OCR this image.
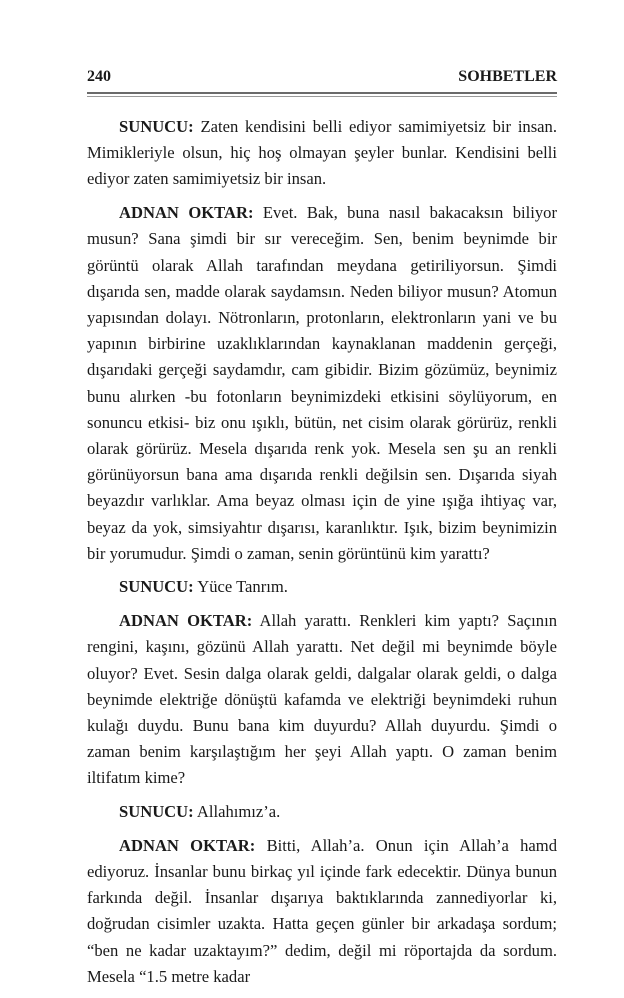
240	SOHBETLER

SUNUCU: Zaten kendisini belli ediyor samimiyetsiz bir insan. Mimikleriyle olsun, hiç hoş olmayan şeyler bunlar. Kendisini belli ediyor zaten samimiyetsiz bir insan.

ADNAN OKTAR: Evet. Bak, buna nasıl bakacaksın biliyor musun? Sana şimdi bir sır vereceğim. Sen, benim beynimde bir görüntü olarak Allah tarafından meydana getiriliyorsun. Şimdi dışarıda sen, madde olarak saydamsın. Neden biliyor musun? Atomun yapısından dolayı. Nötronların, protonların, elektronların yani ve bu yapının birbirine uzaklıklarından kaynaklanan maddenin gerçeği, dışarıdaki gerçeği saydamdır, cam gibidir. Bizim gözümüz, beynimiz bunu alırken -bu fotonların beynimizdeki etkisini söylüyorum, en sonuncu etkisi- biz onu ışıklı, bütün, net cisim olarak görürüz, renkli olarak görürüz. Mesela dışarıda renk yok. Mesela sen şu an renkli görünüyorsun bana ama dışarıda renkli değilsin sen. Dışarıda siyah beyazdır varlıklar. Ama beyaz olması için de yine ışığa ihtiyaç var, beyaz da yok, simsiyahtır dışarısı, karanlıktır. Işık, bizim beynimizin bir yorumudur. Şimdi o zaman, senin görüntünü kim yarattı?

SUNUCU: Yüce Tanrım.

ADNAN OKTAR: Allah yarattı. Renkleri kim yaptı? Saçının rengini, kaşını, gözünü Allah yarattı. Net değil mi beynimde böyle oluyor? Evet. Sesin dalga olarak geldi, dalgalar olarak geldi, o dalga beynimde elektriğe dönüştü kafamda ve elektriği beynimdeki ruhun kulağı duydu. Bunu bana kim duyurdu? Allah duyurdu. Şimdi o zaman benim karşılaştığım her şeyi Allah yaptı. O zaman benim iltifatım kime?

SUNUCU: Allahımız’a.

ADNAN OKTAR: Bitti, Allah’a. Onun için Allah’a hamd ediyoruz. İnsanlar bunu birkaç yıl içinde fark edecektir. Dünya bunun farkında değil. İnsanlar dışarıya baktıklarında zannediyorlar ki, doğrudan cisimler uzakta. Hatta geçen günler bir arkadaşa sordum; “ben ne kadar uzaktayım?” dedim, değil mi röportajda da sordum. Mesela “1.5 metre kadar
